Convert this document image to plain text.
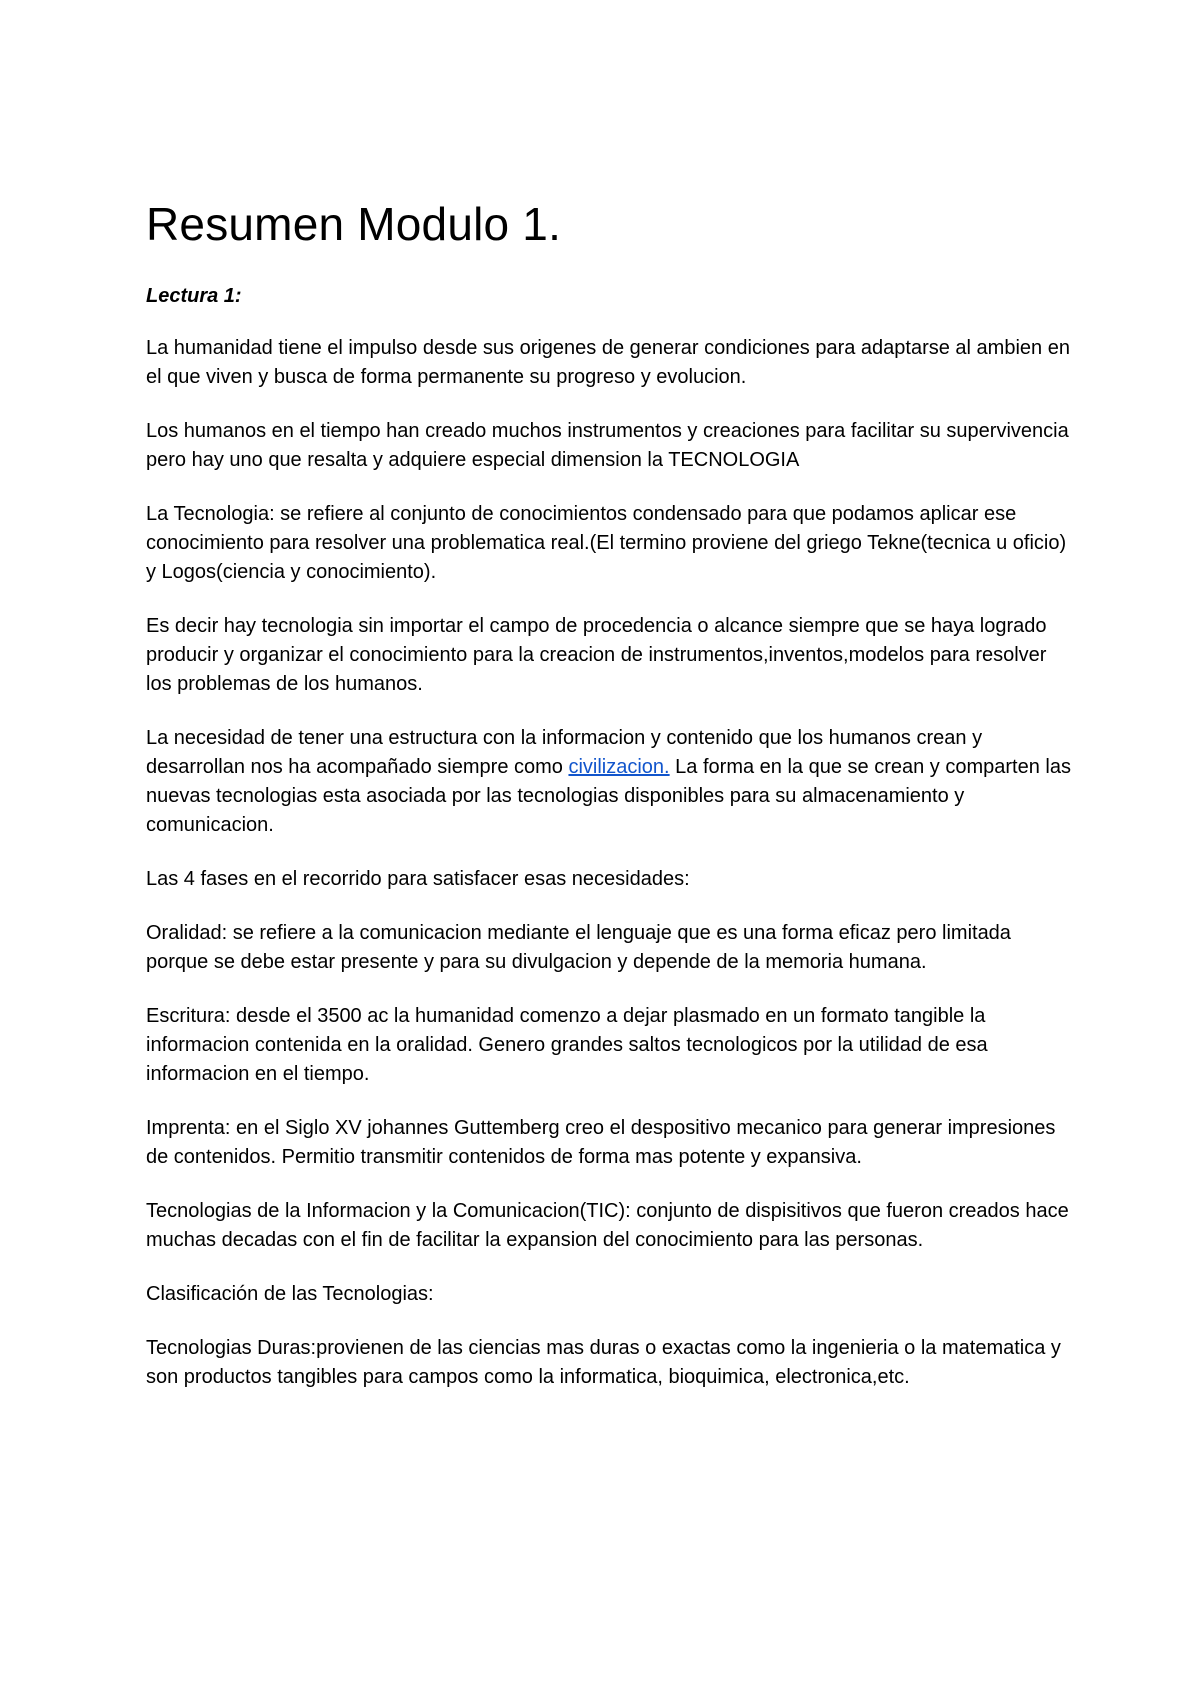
Resumen Modulo 1.

Lectura 1:

La humanidad tiene el impulso desde sus origenes de generar condiciones para adaptarse al ambien en el que viven y busca de forma permanente su progreso y evolucion.

Los humanos en el tiempo han creado muchos instrumentos y creaciones para facilitar su supervivencia pero hay uno que resalta y adquiere especial dimension la TECNOLOGIA

La Tecnologia: se refiere al conjunto de conocimientos condensado para que podamos aplicar ese conocimiento para resolver una problematica real.(El termino proviene del griego Tekne(tecnica u oficio) y Logos(ciencia y conocimiento).

Es decir hay tecnologia sin importar el campo de procedencia o alcance siempre que se haya logrado producir y organizar el conocimiento para la creacion de instrumentos,inventos,modelos para resolver los problemas de los humanos.

La necesidad de tener una estructura con la informacion y contenido que los humanos crean y desarrollan nos ha acompañado siempre como civilizacion. La forma en la que se crean y comparten las nuevas tecnologias esta asociada por las tecnologias disponibles para su almacenamiento y comunicacion.

Las 4 fases en el recorrido para satisfacer esas necesidades:

Oralidad: se refiere a la comunicacion mediante el lenguaje que es una forma eficaz pero limitada porque se debe estar presente y para su divulgacion y depende de la memoria humana.

Escritura: desde el 3500 ac la humanidad comenzo a dejar plasmado en un formato tangible la informacion contenida en la oralidad. Genero grandes saltos tecnologicos por la utilidad de esa informacion en el tiempo.

Imprenta: en el Siglo XV johannes Guttemberg creo el despositivo mecanico para generar impresiones de contenidos. Permitio transmitir contenidos de forma mas potente y expansiva.

Tecnologias de la Informacion y la Comunicacion(TIC): conjunto de dispisitivos que fueron creados hace muchas decadas con el fin de facilitar la expansion del conocimiento para las personas.

Clasificación de las Tecnologias:

Tecnologias Duras:provienen de las ciencias mas duras o exactas como la ingenieria o la matematica y son productos tangibles para campos como la informatica, bioquimica, electronica,etc.
